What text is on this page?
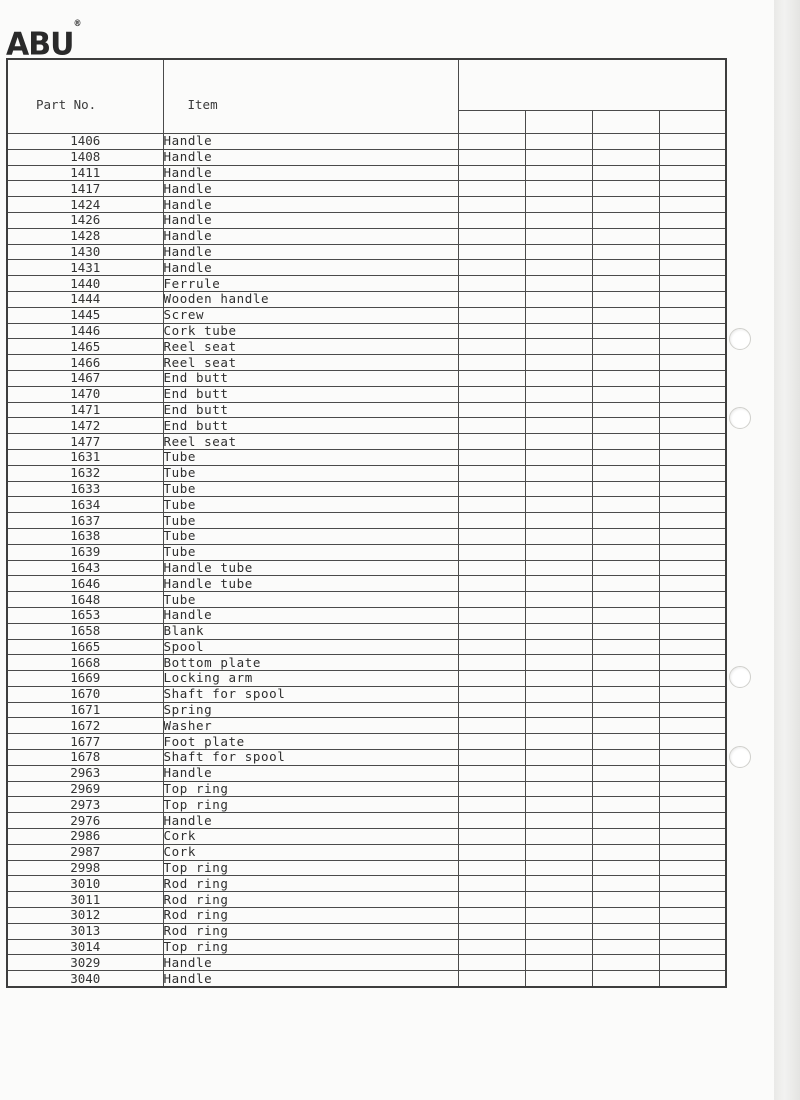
ABU®
Part No.	Item				

1406	Handle				
1408	Handle				
1411	Handle				
1417	Handle				
1424	Handle				
1426	Handle				
1428	Handle				
1430	Handle				
1431	Handle				
1440	Ferrule				
1444	Wooden handle				
1445	Screw				
1446	Cork tube				
1465	Reel seat				
1466	Reel seat				
1467	End butt				
1470	End butt				
1471	End butt				
1472	End butt				
1477	Reel seat				
1631	Tube				
1632	Tube				
1633	Tube				
1634	Tube				
1637	Tube				
1638	Tube				
1639	Tube				
1643	Handle tube				
1646	Handle tube				
1648	Tube				
1653	Handle				
1658	Blank				
1665	Spool				
1668	Bottom plate				
1669	Locking arm				
1670	Shaft for spool				
1671	Spring				
1672	Washer				
1677	Foot plate				
1678	Shaft for spool				
2963	Handle				
2969	Top ring				
2973	Top ring				
2976	Handle				
2986	Cork				
2987	Cork				
2998	Top ring				
3010	Rod ring				
3011	Rod ring				
3012	Rod ring				
3013	Rod ring				
3014	Top ring				
3029	Handle				
3040	Handle				
